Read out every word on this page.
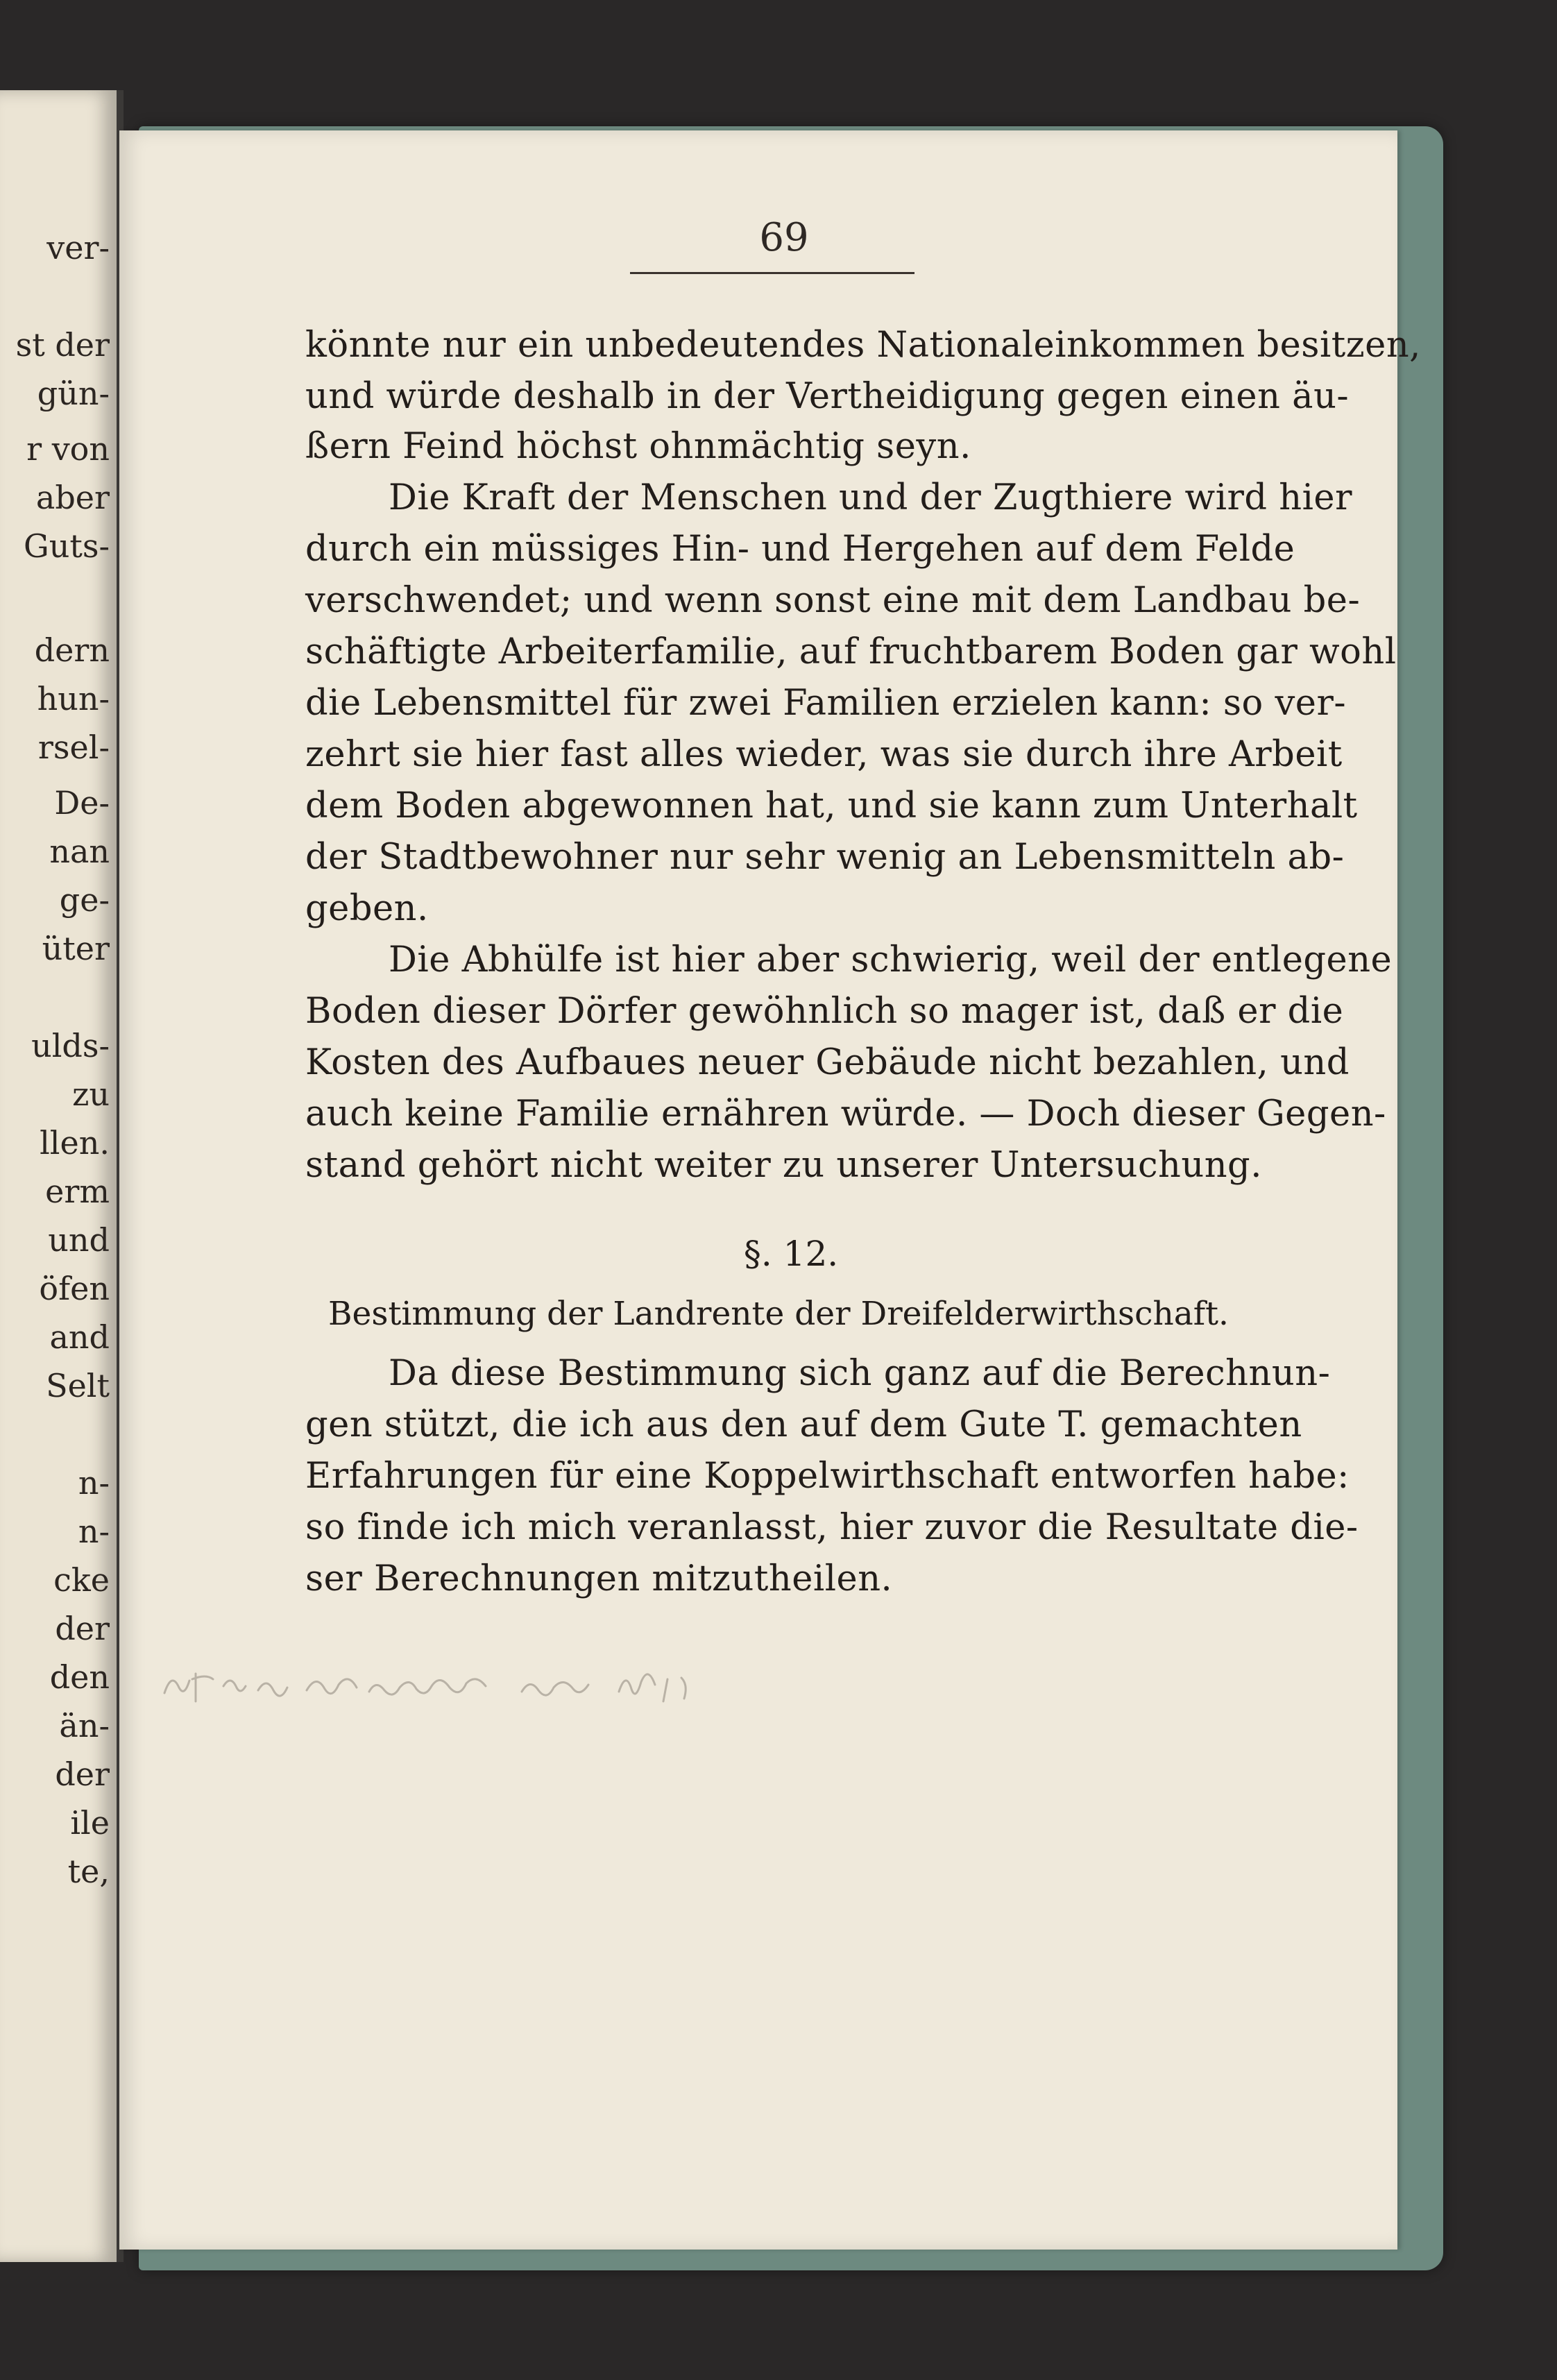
ver-
st der
gün-
r von
aber
Guts-
dern
hun-
rsel-
De-
nan
ge-
üter
ulds-
zu
llen.
erm
und
öfen
and
Selt
n-
n-
cke
der
den
än-
der
ile
te,
69
könnte nur ein unbedeutendes Nationaleinkommen besitzen,
und würde deshalb in der Vertheidigung gegen einen äu-
ßern Feind höchst ohnmächtig seyn.
Die Kraft der Menschen und der Zugthiere wird hier
durch ein müssiges Hin- und Hergehen auf dem Felde
verschwendet; und wenn sonst eine mit dem Landbau be-
schäftigte Arbeiterfamilie, auf fruchtbarem Boden gar wohl
die Lebensmittel für zwei Familien erzielen kann: so ver-
zehrt sie hier fast alles wieder, was sie durch ihre Arbeit
dem Boden abgewonnen hat, und sie kann zum Unterhalt
der Stadtbewohner nur sehr wenig an Lebensmitteln ab-
geben.
Die Abhülfe ist hier aber schwierig, weil der entlegene
Boden dieser Dörfer gewöhnlich so mager ist, daß er die
Kosten des Aufbaues neuer Gebäude nicht bezahlen, und
auch keine Familie ernähren würde. — Doch dieser Gegen-
stand gehört nicht weiter zu unserer Untersuchung.
§. 12.
Bestimmung der Landrente der Dreifelderwirthschaft.
Da diese Bestimmung sich ganz auf die Berechnun-
gen stützt, die ich aus den auf dem Gute T. gemachten
Erfahrungen für eine Koppelwirthschaft entworfen habe:
so finde ich mich veranlasst, hier zuvor die Resultate die-
ser Berechnungen mitzutheilen.
